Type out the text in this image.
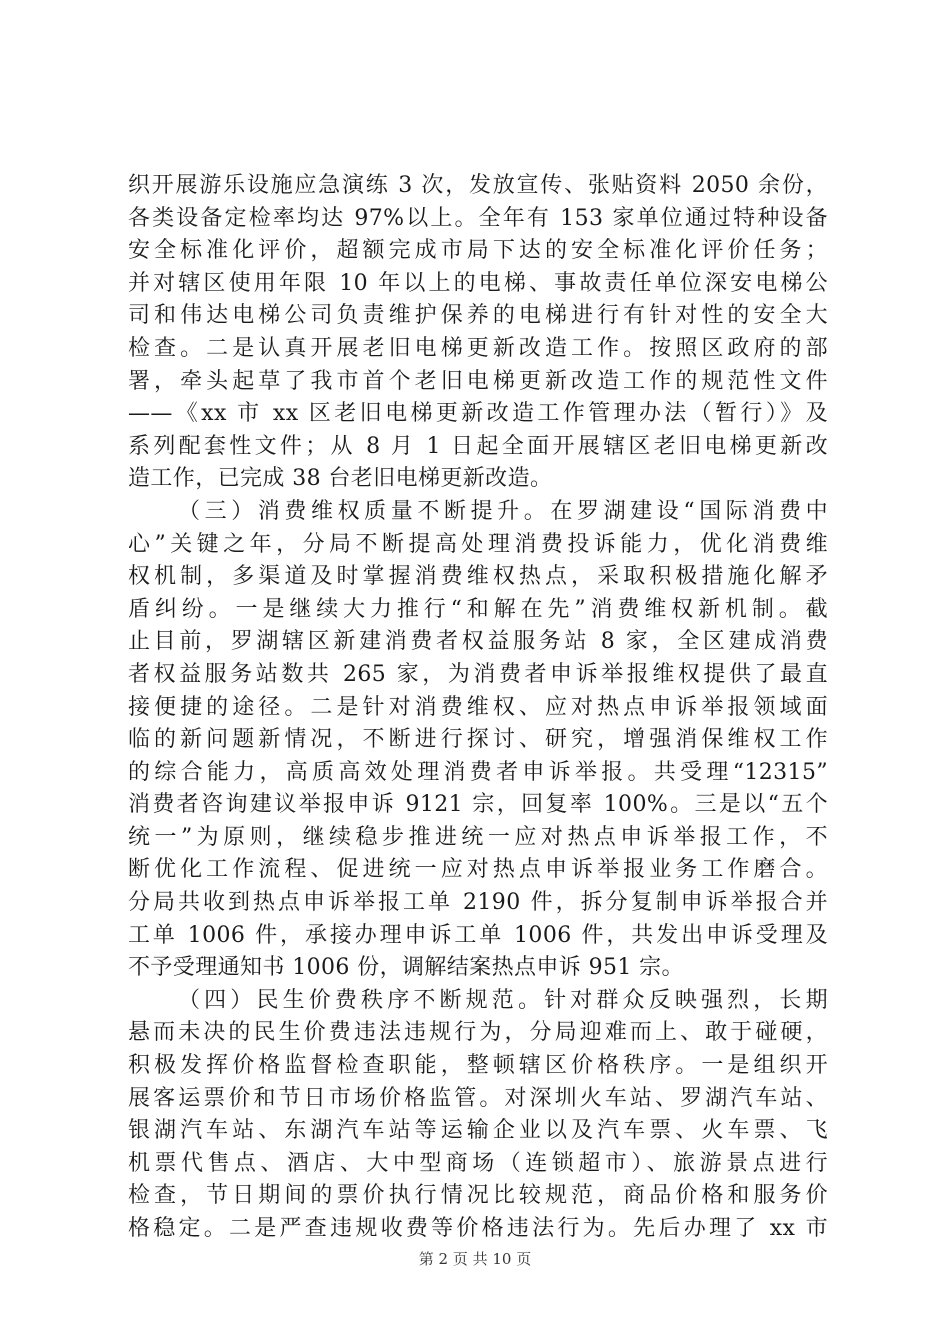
织开展游乐设施应急演练 3 次，发放宣传、张贴资料 2050 余份，
各类设备定检率均达 97%以上。全年有 153 家单位通过特种设备
安全标准化评价，超额完成市局下达的安全标准化评价任务；
并对辖区使用年限 10 年以上的电梯、事故责任单位深安电梯公
司和伟达电梯公司负责维护保养的电梯进行有针对性的安全大
检查。二是认真开展老旧电梯更新改造工作。按照区政府的部
署，牵头起草了我市首个老旧电梯更新改造工作的规范性文件
——《xx 市 xx 区老旧电梯更新改造工作管理办法（暂行）》及
系列配套性文件；从 8 月 1 日起全面开展辖区老旧电梯更新改
造工作，已完成 38 台老旧电梯更新改造。
（三）消费维权质量不断提升。在罗湖建设“国际消费中
心”关键之年，分局不断提高处理消费投诉能力，优化消费维
权机制，多渠道及时掌握消费维权热点，采取积极措施化解矛
盾纠纷。一是继续大力推行“和解在先”消费维权新机制。截
止目前，罗湖辖区新建消费者权益服务站 8 家，全区建成消费
者权益服务站数共 265 家，为消费者申诉举报维权提供了最直
接便捷的途径。二是针对消费维权、应对热点申诉举报领域面
临的新问题新情况，不断进行探讨、研究，增强消保维权工作
的综合能力，高质高效处理消费者申诉举报。共受理“12315”
消费者咨询建议举报申诉 9121 宗，回复率 100%。三是以“五个
统一”为原则，继续稳步推进统一应对热点申诉举报工作，不
断优化工作流程、促进统一应对热点申诉举报业务工作磨合。
分局共收到热点申诉举报工单 2190 件，拆分复制申诉举报合并
工单 1006 件，承接办理申诉工单 1006 件，共发出申诉受理及
不予受理通知书 1006 份，调解结案热点申诉 951 宗。
（四）民生价费秩序不断规范。针对群众反映强烈，长期
悬而未决的民生价费违法违规行为，分局迎难而上、敢于碰硬，
积极发挥价格监督检查职能，整顿辖区价格秩序。一是组织开
展客运票价和节日市场价格监管。对深圳火车站、罗湖汽车站、
银湖汽车站、东湖汽车站等运输企业以及汽车票、火车票、飞
机票代售点、酒店、大中型商场（连锁超市）、旅游景点进行
检查，节日期间的票价执行情况比较规范，商品价格和服务价
格稳定。二是严查违规收费等价格违法行为。先后办理了 xx 市
第 2 页 共 10 页
